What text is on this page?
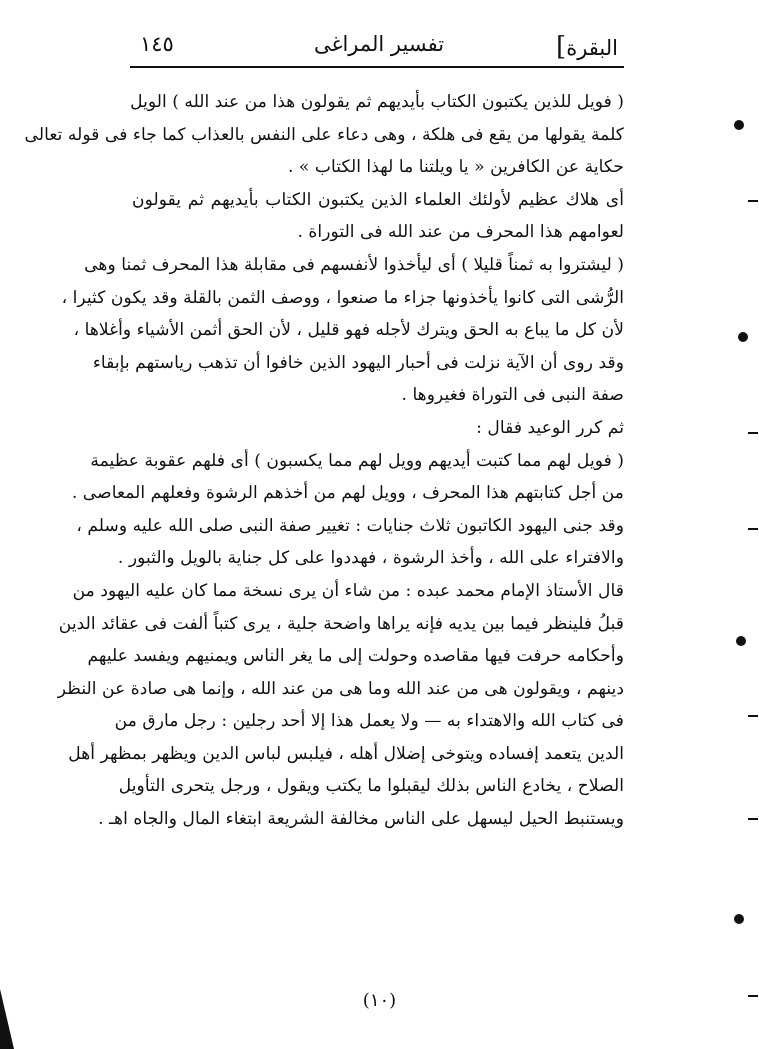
البقرة]
تفسير المراغى
١٤٥
( فويل للذين يكتبون الكتاب بأيديهم ثم يقولون هذا من عند الله ) الويل
كلمة يقولها من يقع فى هلكة ، وهى دعاء على النفس بالعذاب كما جاء فى قوله تعالى
حكاية عن الكافرين « يا ويلتنا ما لهذا الكتاب » .
أى هلاك عظيم لأولئك العلماء الذين يكتبون الكتاب بأيديهم ثم يقولون
لعوامهم هذا المحرف من عند الله فى التوراة .
( ليشتروا به ثمناً قليلا ) أى ليأخذوا لأنفسهم فى مقابلة هذا المحرف ثمنا وهى
الرُّشى التى كانوا يأخذونها جزاء ما صنعوا ، ووصف الثمن بالقلة وقد يكون كثيرا ،
لأن كل ما يباع به الحق ويترك لأجله فهو قليل ، لأن الحق أثمن الأشياء وأغلاها ،
وقد روى أن الآية نزلت فى أحبار اليهود الذين خافوا أن تذهب رياستهم بإبقاء
صفة النبى فى التوراة فغيروها .
ثم كرر الوعيد فقال :
( فويل لهم مما كتبت أيديهم وويل لهم مما يكسبون ) أى فلهم عقوبة عظيمة
من أجل كتابتهم هذا المحرف ، وويل لهم من أخذهم الرشوة وفعلهم المعاصى .
وقد جنى اليهود الكاتبون ثلاث جنايات : تغيير صفة النبى صلى الله عليه وسلم ،
والافتراء على الله ، وأخذ الرشوة ، فهددوا على كل جناية بالويل والثبور .
قال الأستاذ الإمام محمد عبده : من شاء أن يرى نسخة مما كان عليه اليهود من
قبلُ فلينظر فيما بين يديه فإنه يراها واضحة جلية ، يرى كتباً ألفت فى عقائد الدين
وأحكامه حرفت فيها مقاصده وحولت إلى ما يغر الناس ويمنيهم ويفسد عليهم
دينهم ، ويقولون هى من عند الله وما هى من عند الله ، وإنما هى صادة عن النظر
فى كتاب الله والاهتداء به — ولا يعمل هذا إلا أحد رجلين : رجل مارق من
الدين يتعمد إفساده ويتوخى إضلال أهله ، فيلبس لباس الدين ويظهر بمظهر أهل
الصلاح ، يخادع الناس بذلك ليقبلوا ما يكتب ويقول ، ورجل يتحرى التأويل
ويستنبط الحيل ليسهل على الناس مخالفة الشريعة ابتغاء المال والجاه اهـ .
(١٠)
